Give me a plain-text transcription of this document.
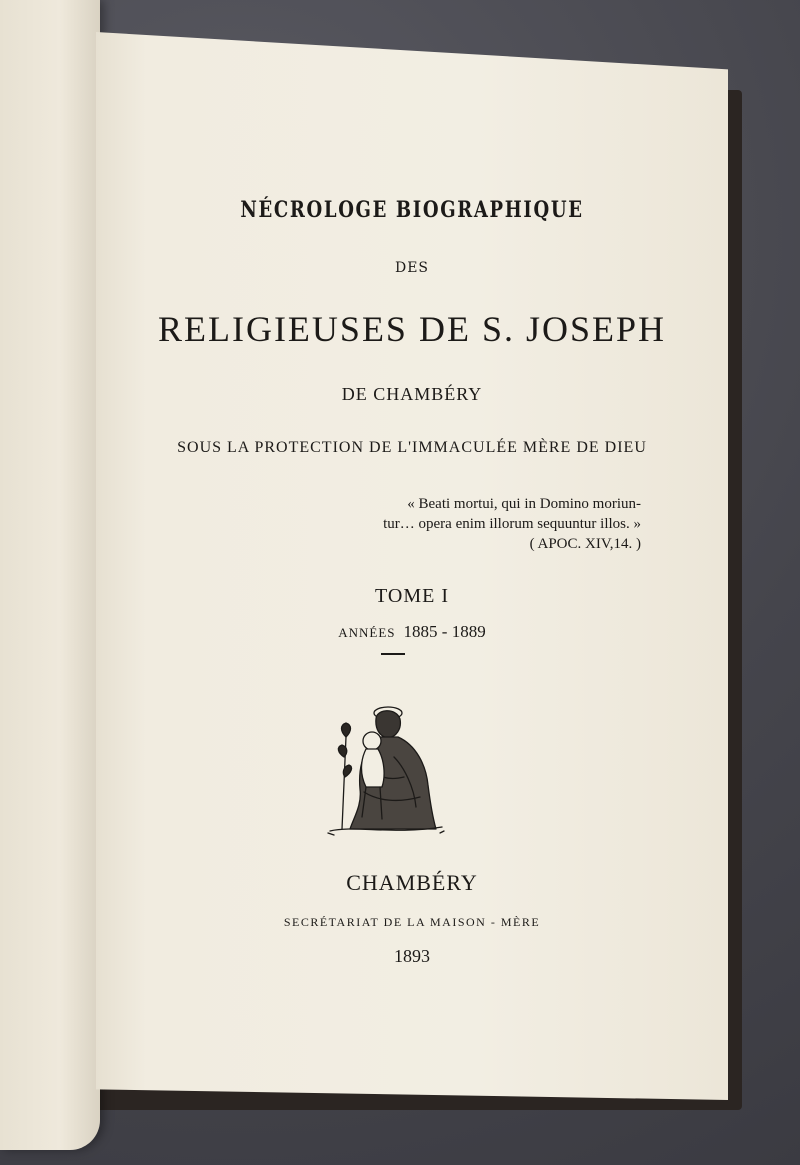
NÉCROLOGE BIOGRAPHIQUE

DES

RELIGIEUSES DE S. JOSEPH

DE CHAMBÉRY

SOUS LA PROTECTION DE L'IMMACULÉE MÈRE DE DIEU

« Beati mortui, qui in Domino moriun-
tur… opera enim illorum sequuntur illos. »
( APOC. XIV,14. )

TOME I

ANNÉES 1885 - 1889

CHAMBÉRY

SECRÉTARIAT DE LA MAISON - MÈRE

1893
